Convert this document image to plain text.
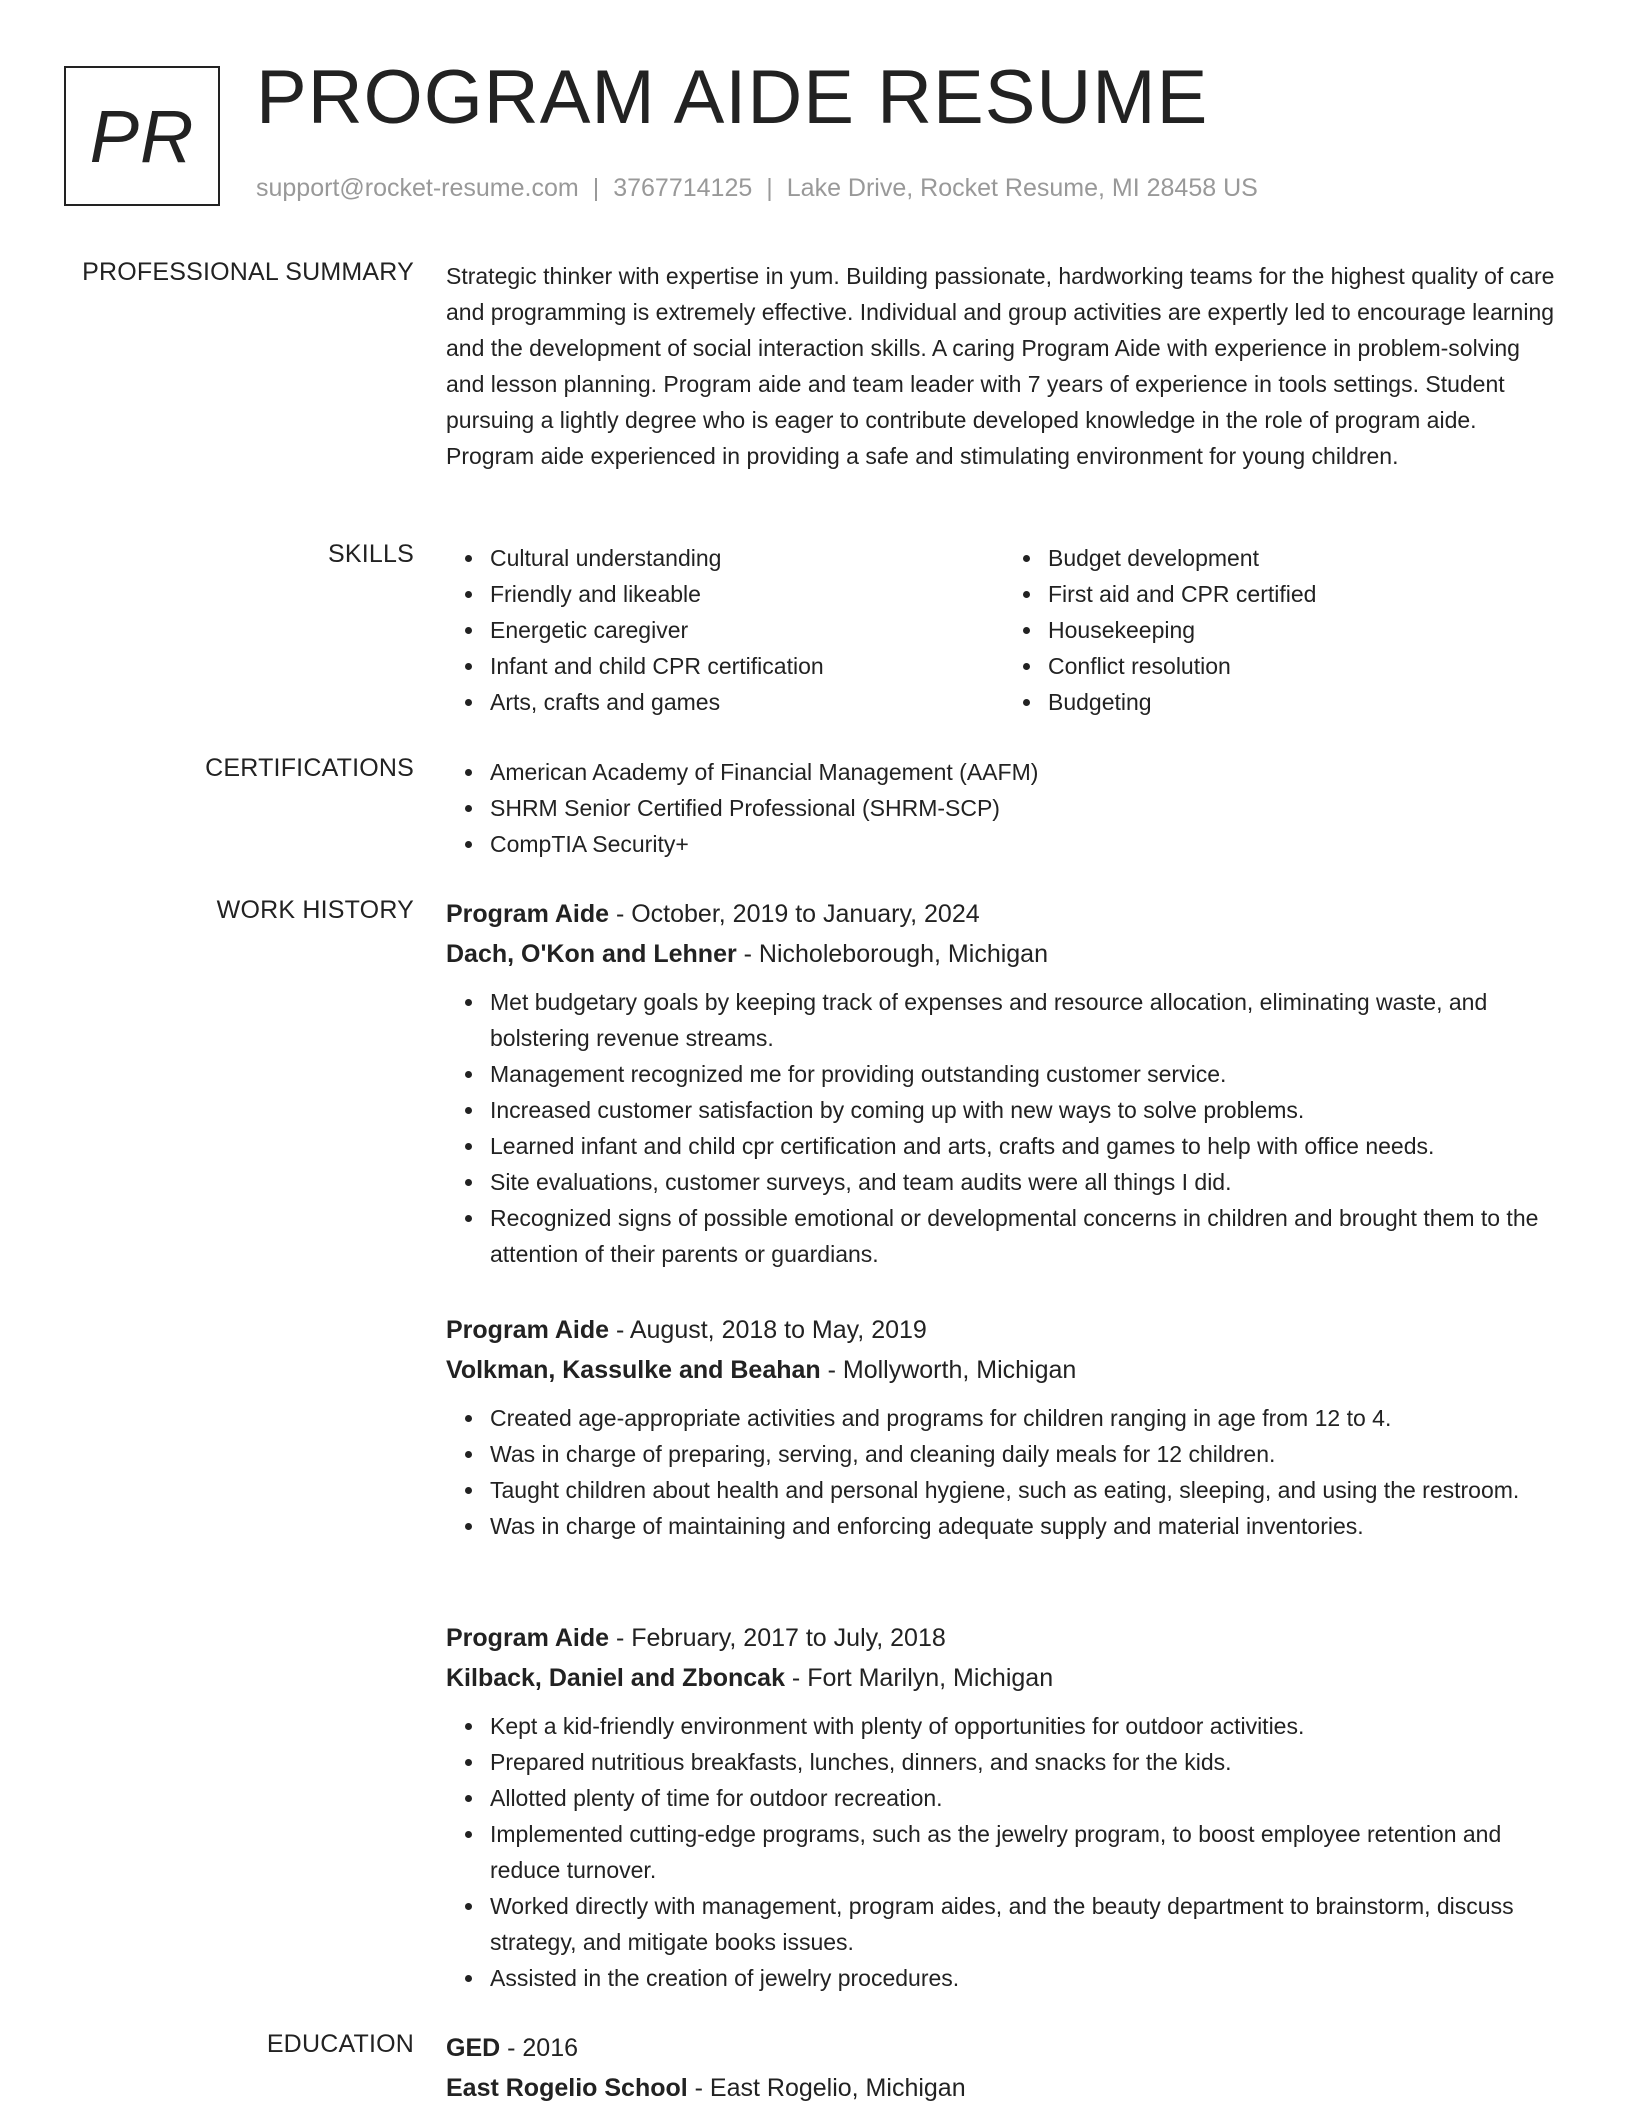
PR PROGRAM AIDE RESUME
support@rocket-resume.com | 3767714125 | Lake Drive, Rocket Resume, MI 28458 US
PROFESSIONAL SUMMARY Strategic thinker with expertise in yum. Building passionate, hardworking teams for the highest quality of care and programming is extremely effective. Individual and group activities are expertly led to encourage learning and the development of social interaction skills. A caring Program Aide with experience in problem-solving and lesson planning. Program aide and team leader with 7 years of experience in tools settings. Student pursuing a lightly degree who is eager to contribute developed knowledge in the role of program aide. Program aide experienced in providing a safe and stimulating environment for young children.
SKILLS	Cultural understanding
Friendly and likeable
Energetic caregiver
Infant and child CPR certification
Arts, crafts and games
Budget development
First aid and CPR certified
Housekeeping
Conflict resolution
Budgeting
CERTIFICATIONS	American Academy of Financial Management (AAFM)
SHRM Senior Certified Professional (SHRM-SCP)
CompTIA Security+
WORK HISTORY Program Aide - October, 2019 to January, 2024
Dach, O'Kon and Lehner - Nicholeborough, Michigan
Met budgetary goals by keeping track of expenses and resource allocation, eliminating waste, and bolstering revenue streams.
Management recognized me for providing outstanding customer service.
Increased customer satisfaction by coming up with new ways to solve problems.
Learned infant and child cpr certification and arts, crafts and games to help with office needs.
Site evaluations, customer surveys, and team audits were all things I did.
Recognized signs of possible emotional or developmental concerns in children and brought them to the attention of their parents or guardians.
Program Aide - August, 2018 to May, 2019
Volkman, Kassulke and Beahan - Mollyworth, Michigan
Created age-appropriate activities and programs for children ranging in age from 12 to 4.
Was in charge of preparing, serving, and cleaning daily meals for 12 children.
Taught children about health and personal hygiene, such as eating, sleeping, and using the restroom.
Was in charge of maintaining and enforcing adequate supply and material inventories.
Program Aide - February, 2017 to July, 2018
Kilback, Daniel and Zboncak - Fort Marilyn, Michigan
Kept a kid-friendly environment with plenty of opportunities for outdoor activities.
Prepared nutritious breakfasts, lunches, dinners, and snacks for the kids.
Allotted plenty of time for outdoor recreation.
Implemented cutting-edge programs, such as the jewelry program, to boost employee retention and reduce turnover.
Worked directly with management, program aides, and the beauty department to brainstorm, discuss strategy, and mitigate books issues.
Assisted in the creation of jewelry procedures.
EDUCATION GED - 2016
East Rogelio School - East Rogelio, Michigan
